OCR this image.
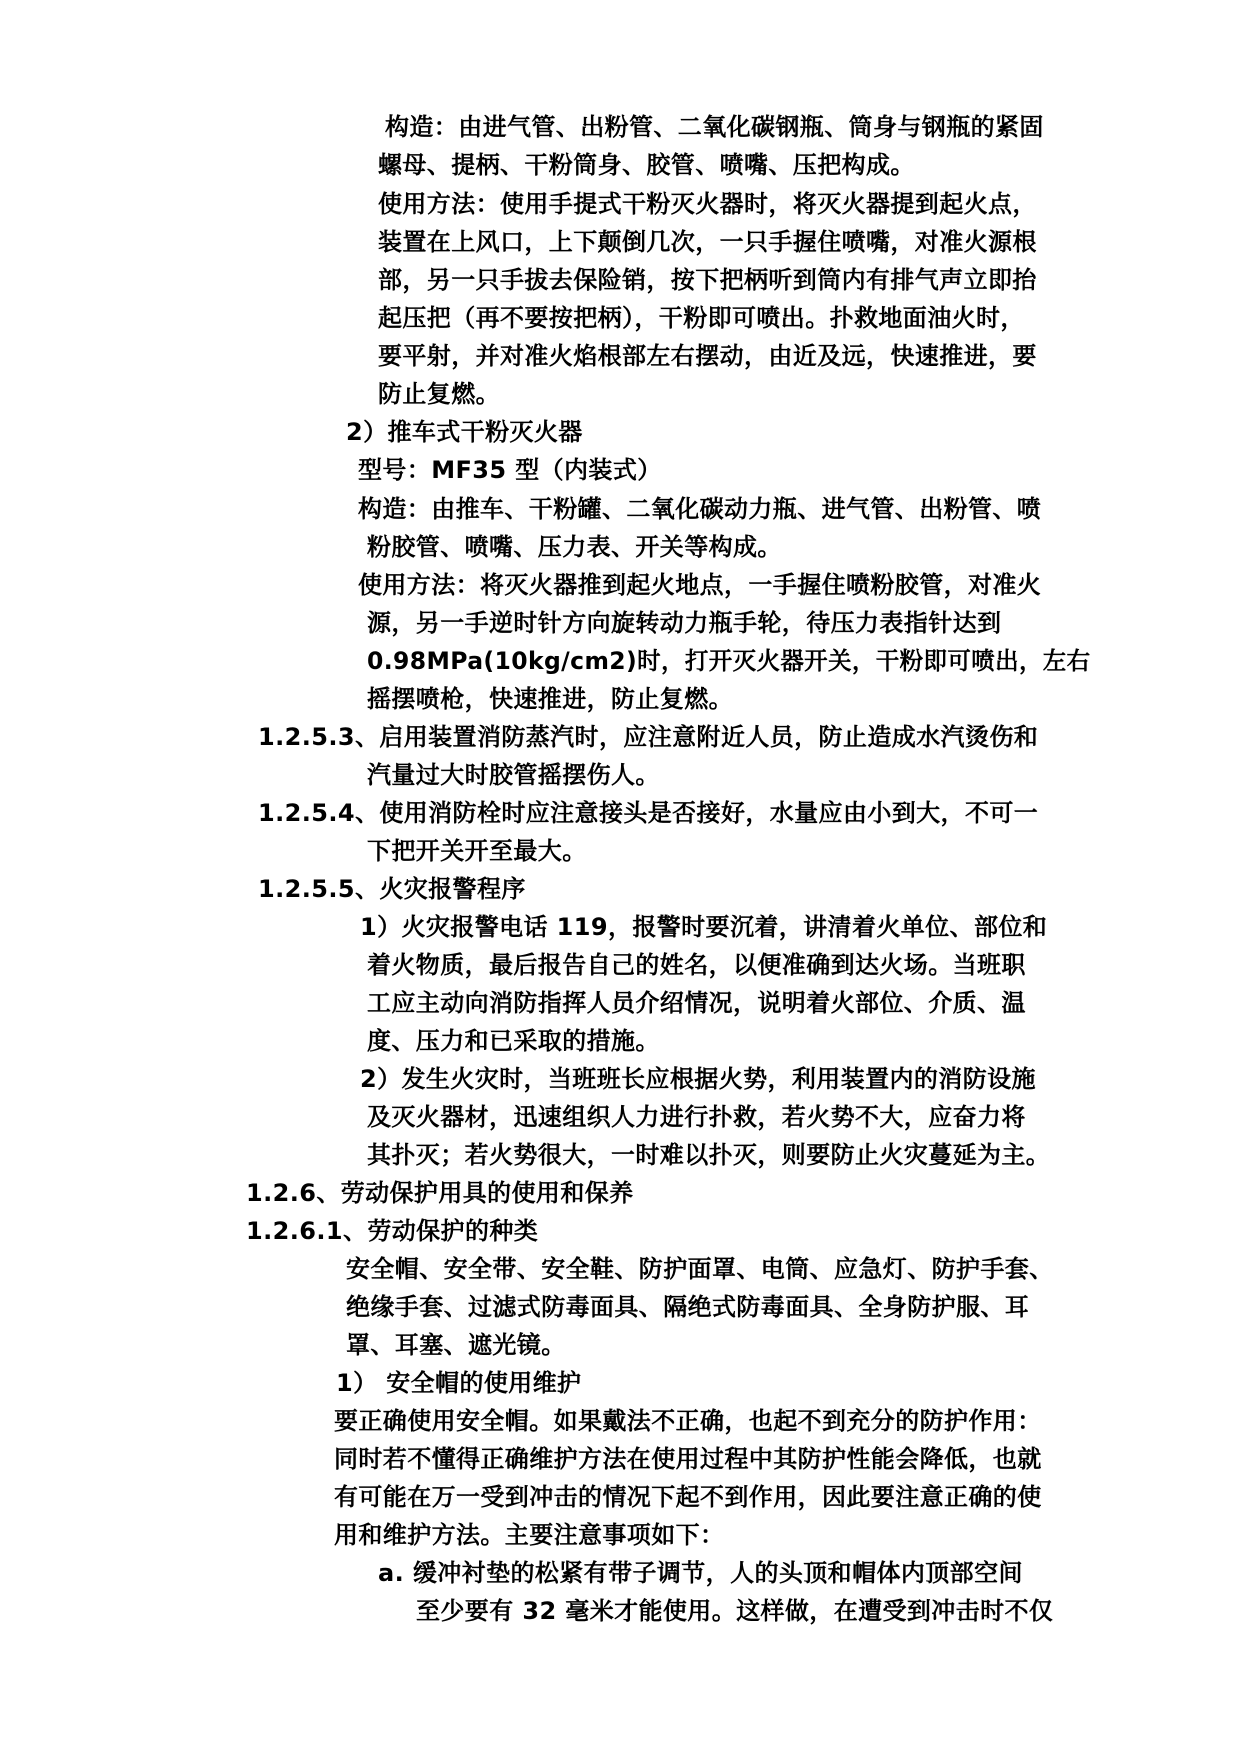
构造：由进气管、出粉管、二氧化碳钢瓶、筒身与钢瓶的紧固
螺母、提柄、干粉筒身、胶管、喷嘴、压把构成。
使用方法：使用手提式干粉灭火器时，将灭火器提到起火点，
装置在上风口，上下颠倒几次，一只手握住喷嘴，对准火源根
部，另一只手拔去保险销，按下把柄听到筒内有排气声立即抬
起压把（再不要按把柄），干粉即可喷出。扑救地面油火时，
要平射，并对准火焰根部左右摆动，由近及远，快速推进，要
防止复燃。
2）推车式干粉灭火器
型号：MF35 型（内装式）
构造：由推车、干粉罐、二氧化碳动力瓶、进气管、出粉管、喷
粉胶管、喷嘴、压力表、开关等构成。
使用方法：将灭火器推到起火地点，一手握住喷粉胶管，对准火
源，另一手逆时针方向旋转动力瓶手轮，待压力表指针达到
0.98MPa(10kg/cm2)时，打开灭火器开关，干粉即可喷出，左右
摇摆喷枪，快速推进，防止复燃。
1.2.5.3、启用装置消防蒸汽时，应注意附近人员，防止造成水汽烫伤和
汽量过大时胶管摇摆伤人。
1.2.5.4、使用消防栓时应注意接头是否接好，水量应由小到大，不可一
下把开关开至最大。
1.2.5.5、火灾报警程序
1）火灾报警电话 119，报警时要沉着，讲清着火单位、部位和
着火物质，最后报告自己的姓名，以便准确到达火场。当班职
工应主动向消防指挥人员介绍情况，说明着火部位、介质、温
度、压力和已采取的措施。
2）发生火灾时，当班班长应根据火势，利用装置内的消防设施
及灭火器材，迅速组织人力进行扑救，若火势不大，应奋力将
其扑灭；若火势很大，一时难以扑灭，则要防止火灾蔓延为主。
1.2.6、劳动保护用具的使用和保养
1.2.6.1、劳动保护的种类
安全帽、安全带、安全鞋、防护面罩、电筒、应急灯、防护手套、
绝缘手套、过滤式防毒面具、隔绝式防毒面具、全身防护服、耳
罩、耳塞、遮光镜。
1） 安全帽的使用维护
要正确使用安全帽。如果戴法不正确，也起不到充分的防护作用：
同时若不懂得正确维护方法在使用过程中其防护性能会降低，也就
有可能在万一受到冲击的情况下起不到作用，因此要注意正确的使
用和维护方法。主要注意事项如下：
a. 缓冲衬垫的松紧有带子调节，人的头顶和帽体内顶部空间
至少要有 32 毫米才能使用。这样做，在遭受到冲击时不仅
